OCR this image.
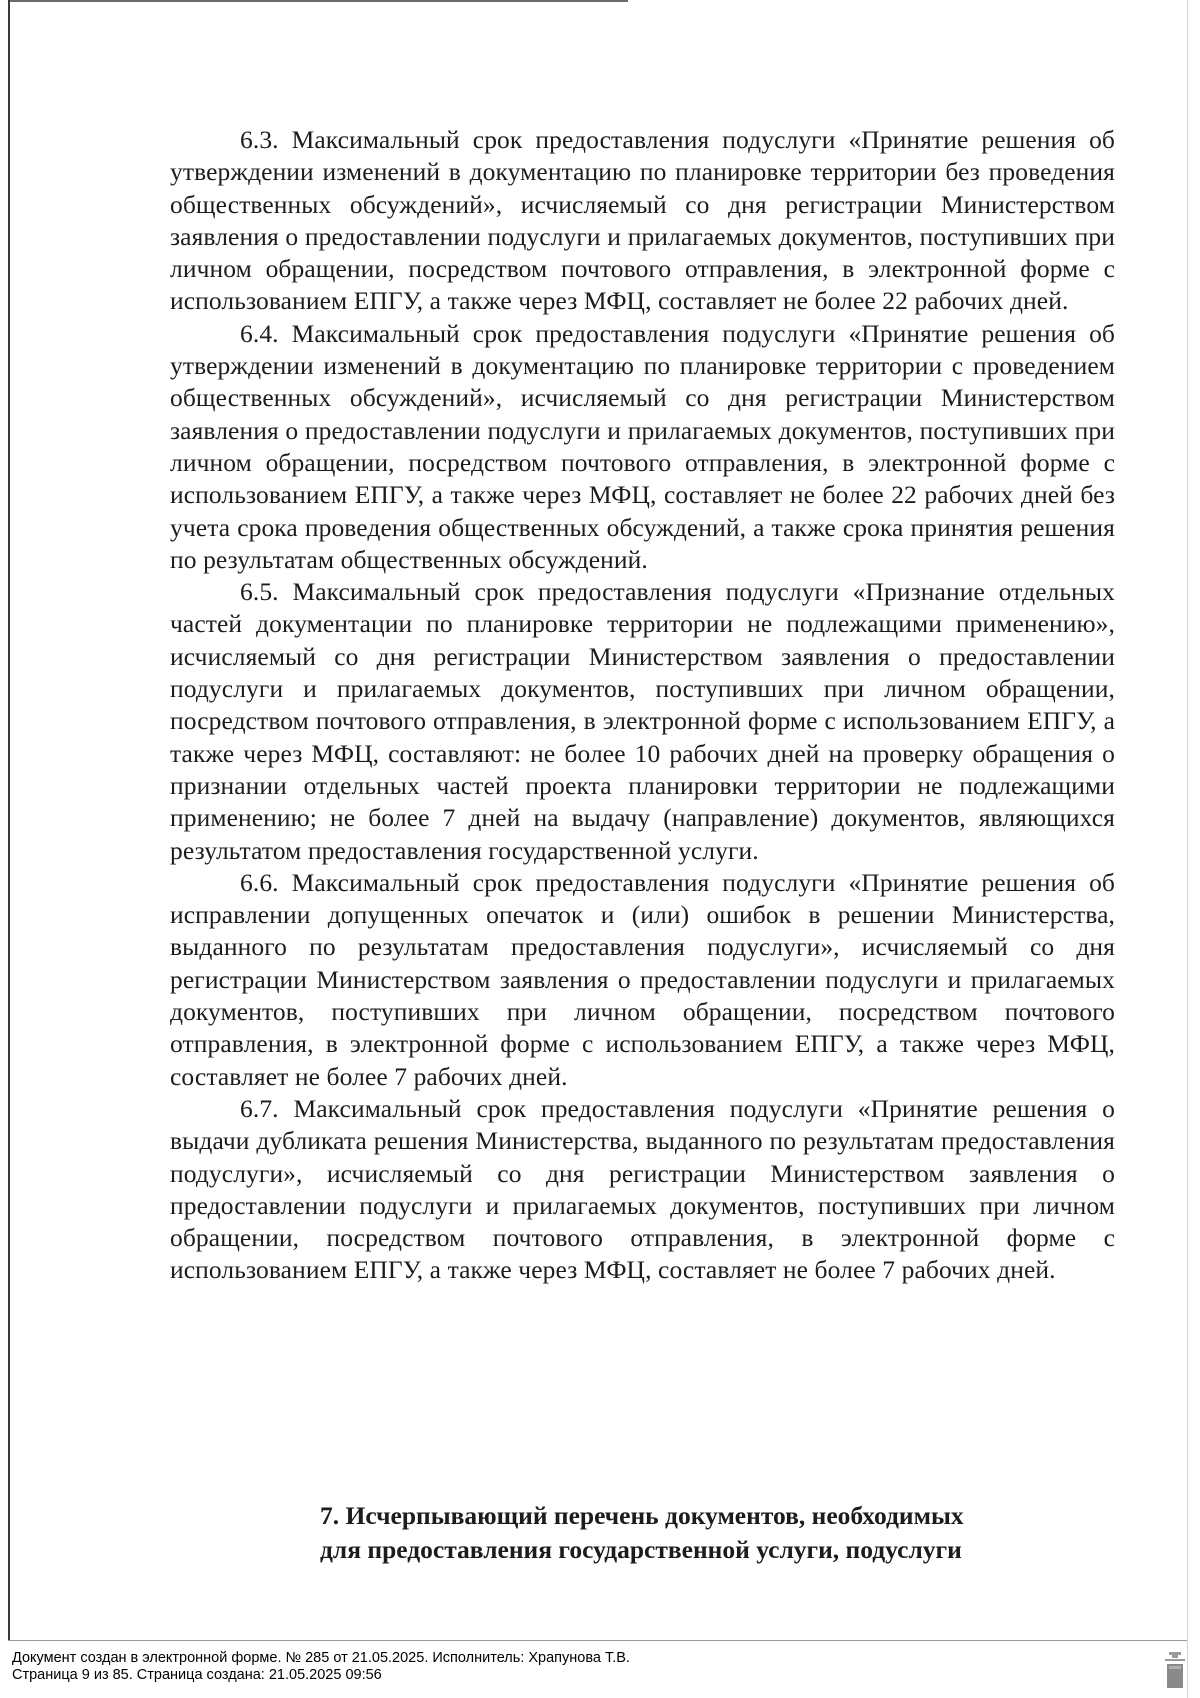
6.3. Максимальный срок предоставления подуслуги «Принятие решения об утверждении изменений в документацию по планировке территории без проведения общественных обсуждений», исчисляемый со дня регистрации Министерством заявления о предоставлении подуслуги и прилагаемых документов, поступивших при личном обращении, посредством почтового отправления, в электронной форме с использованием ЕПГУ, а также через МФЦ, составляет не более 22 рабочих дней.

6.4. Максимальный срок предоставления подуслуги «Принятие решения об утверждении изменений в документацию по планировке территории с проведением общественных обсуждений», исчисляемый со дня регистрации Министерством заявления о предоставлении подуслуги и прилагаемых документов, поступивших при личном обращении, посредством почтового отправления, в электронной форме с использованием ЕПГУ, а также через МФЦ, составляет не более 22 рабочих дней без учета срока проведения общественных обсуждений, а также срока принятия решения по результатам общественных обсуждений.

6.5. Максимальный срок предоставления подуслуги «Признание отдельных частей документации по планировке территории не подлежащими применению», исчисляемый со дня регистрации Министерством заявления о предоставлении подуслуги и прилагаемых документов, поступивших при личном обращении, посредством почтового отправления, в электронной форме с использованием ЕПГУ, а также через МФЦ, составляют: не более 10 рабочих дней на проверку обращения о признании отдельных частей проекта планировки территории не подлежащими применению; не более 7 дней на выдачу (направление) документов, являющихся результатом предоставления государственной услуги.

6.6. Максимальный срок предоставления подуслуги «Принятие решения об исправлении допущенных опечаток и (или) ошибок в решении Министерства, выданного по результатам предоставления подуслуги», исчисляемый со дня регистрации Министерством заявления о предоставлении подуслуги и прилагаемых документов, поступивших при личном обращении, посредством почтового отправления, в электронной форме с использованием ЕПГУ, а также через МФЦ, составляет не более 7 рабочих дней.

6.7. Максимальный срок предоставления подуслуги «Принятие решения о выдачи дубликата решения Министерства, выданного по результатам предоставления подуслуги», исчисляемый со дня регистрации Министерством заявления о предоставлении подуслуги и прилагаемых документов, поступивших при личном обращении, посредством почтового отправления, в электронной форме с использованием ЕПГУ, а также через МФЦ, составляет не более 7 рабочих дней.

7. Исчерпывающий перечень документов, необходимых
для предоставления государственной услуги, подуслуги
Документ создан в электронной форме. № 285 от 21.05.2025. Исполнитель: Храпунова Т.В.
Страница 9 из 85. Страница создана: 21.05.2025 09:56
